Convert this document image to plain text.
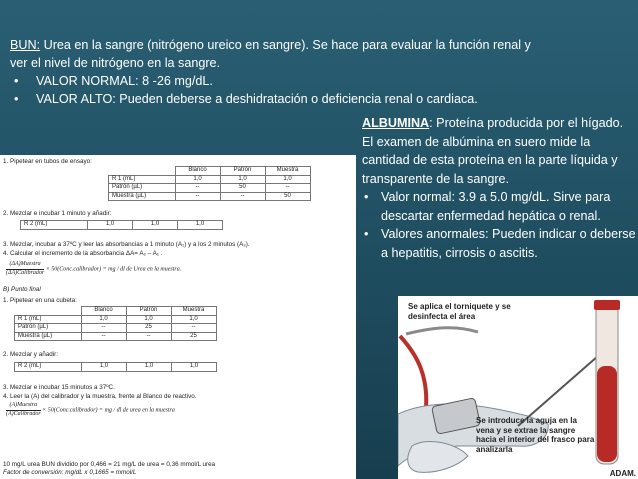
BUN: Urea en la sangre (nitrógeno ureico en sangre). Se hace para evaluar la función renal y ver el nivel de nitrógeno en la sangre.
• VALOR NORMAL: 8 -26 mg/dL.
• VALOR ALTO: Pueden deberse a deshidratación o deficiencia renal o cardiaca.
ALBUMINA: Proteína producida por el hígado. El examen de albúmina en suero mide la cantidad de esta proteína en la parte líquida y transparente de la sangre.
• Valor normal: 3.9 a 5.0 mg/dL. Sirve para descartar enfermedad hepática o renal.
• Valores anormales: Pueden indicar o deberse a hepatitis, cirrosis o ascitis.
1. Pipetear en tubos de ensayo:
	Blanco	Patrón	Muestra
R 1 (mL)	1,0	1,0	1,0
Patrón (µL)	--	50	--
Muestra (µL)	--	--	50
2. Mezclar e incubar 1 minuto y añadir:
R 2 (mL)	1,0	1,0	1,0
3. Mezclar, incubar a 37ºC y leer las absorbancias a 1 minuto (A₁) y a los 2 minutos (A₂).
4. Calcular el incremento de la absorbancia ΔA= A₂ – A₁ .
$\frac{\text{(ΔA)Muestra}}{\text{(ΔA)Calibrador}}$ × 50(Conc.calibrador) = mg / dl de Urea en la muestra.
B) Punto final
1. Pipetear en una cubeta:
	Blanco	Patrón	Muestra
R 1 (mL)	1,0	1,0	1,0
Patrón (µL)	--	25	--
Muestra (µL)	--	--	25
2. Mezclar y añadir:
R 2 (mL)	1,0	1,0	1,0
3. Mezclar e incubar 15 minutos a 37ºC.
4. Leer la (A) del calibrador y la muestra, frente al Blanco de reactivo.
$\frac{\text{(A)Muestra}}{\text{(A)Calibrador}}$ × 50(Conc.calibrador) = mg / dl de urea en la muestra
10 mg/L urea BUN dividido por 0,466 = 21 mg/L de urea = 0,36 mmol/L urea
Factor de conversión: mg/dL x 0,1665 = mmol/L
Se aplica el torniquete y se desinfecta el área
Se introduce la aguja en la vena y se extrae la sangre hacia el interior del frasco para analizarla
ADAM.
